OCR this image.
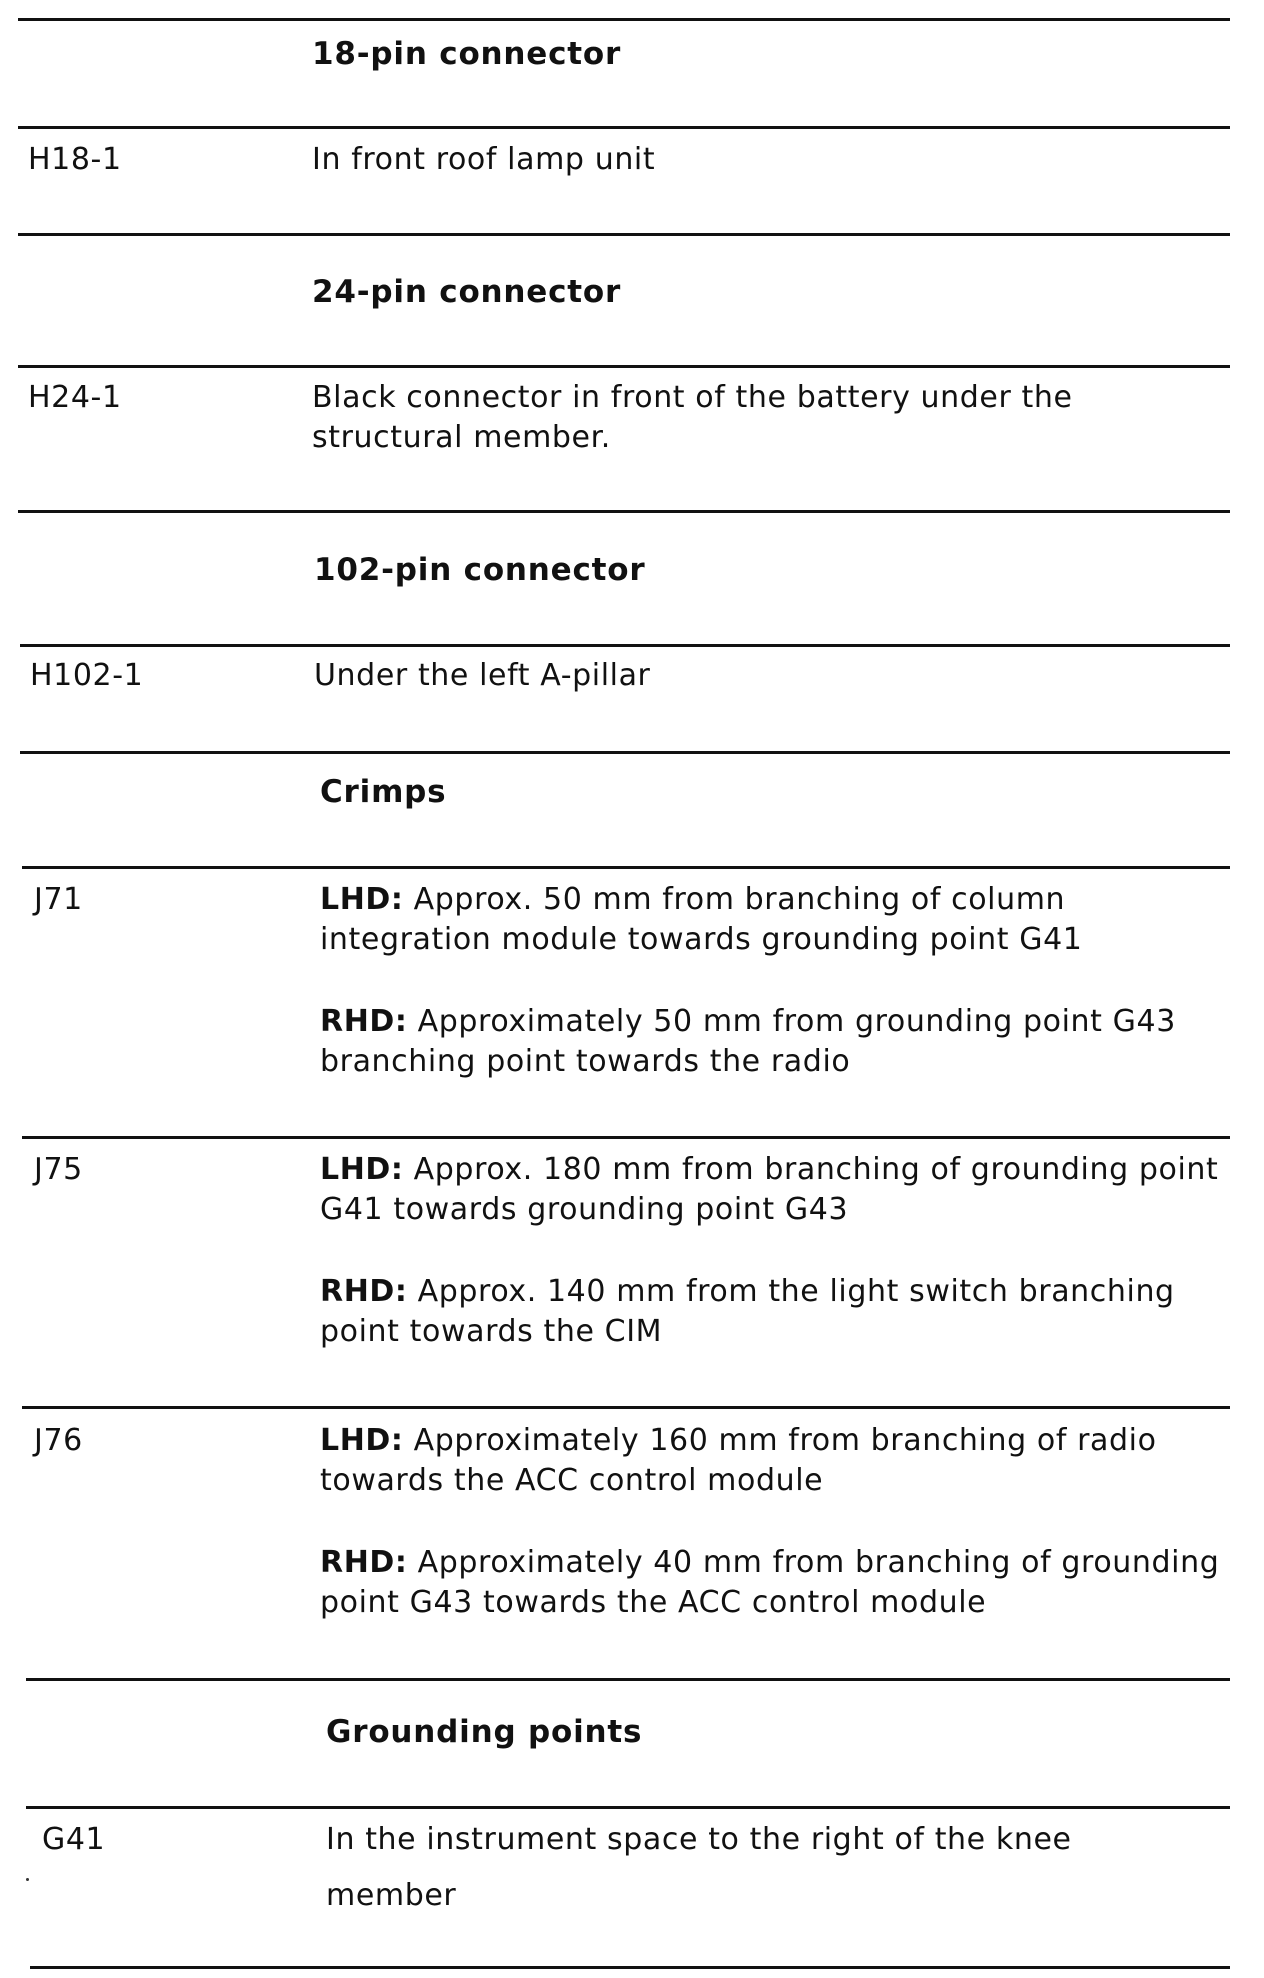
18-pin connector
H18-1	In front roof lamp unit
24-pin connector
H24-1	Black connector in front of the battery under the structural member.
102-pin connector
H102-1	Under the left A-pillar
Crimps
J71	LHD: Approx. 50 mm from branching of column integration module towards grounding point G41
RHD: Approximately 50 mm from grounding point G43 branching point towards the radio
J75	LHD: Approx. 180 mm from branching of grounding point G41 towards grounding point G43
RHD: Approx. 140 mm from the light switch branching point towards the CIM
J76	LHD: Approximately 160 mm from branching of radio towards the ACC control module
RHD: Approximately 40 mm from branching of grounding point G43 towards the ACC control module
Grounding points
G41	In the instrument space to the right of the knee member
